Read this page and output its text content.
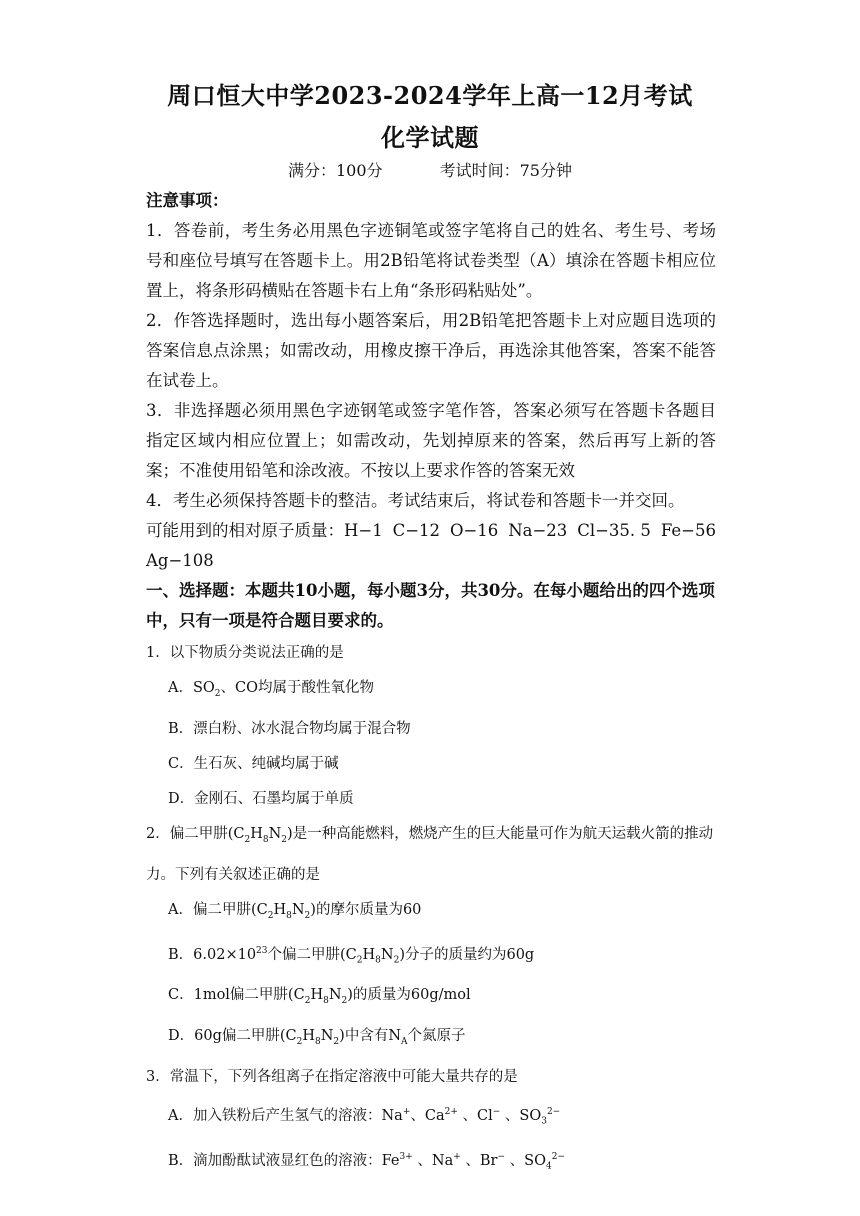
周口恒大中学2023-2024学年上高一12月考试
化学试题
满分：100分	考试时间：75分钟

注意事项：

1．答卷前，考生务必用黑色字迹铜笔或签字笔将自己的姓名、考生号、考场号和座位号填写在答题卡上。用2B铅笔将试卷类型（A）填涂在答题卡相应位置上，将条形码横贴在答题卡右上角“条形码粘贴处”。

2．作答选择题时，选出每小题答案后，用2B铅笔把答题卡上对应题目选项的答案信息点涂黑；如需改动，用橡皮擦干净后，再选涂其他答案，答案不能答在试卷上。

3．非选择题必须用黑色字迹钢笔或签字笔作答，答案必须写在答题卡各题目指定区域内相应位置上；如需改动，先划掉原来的答案，然后再写上新的答案；不准使用铅笔和涂改液。不按以上要求作答的答案无效

4．考生必须保持答题卡的整洁。考试结束后，将试卷和答题卡一并交回。

可能用到的相对原子质量：H−1 C−12 O−16 Na−23 Cl−35. 5 Fe−56

Ag−108

一、选择题：本题共10小题，每小题3分，共30分。在每小题给出的四个选项中，只有一项是符合题目要求的。

1．以下物质分类说法正确的是

A．$SO_2$、CO均属于酸性氧化物

B．漂白粉、冰水混合物均属于混合物

C．生石灰、纯碱均属于碱

D．金刚石、石墨均属于单质

2．偏二甲肼$(C_2H_8N_2)$是一种高能燃料，燃烧产生的巨大能量可作为航天运载火箭的推动力。下列有关叙述正确的是

A．偏二甲肼$(C_2H_8N_2)$的摩尔质量为60

B．$6.02\times 10^{23}$个偏二甲肼$(C_2H_8N_2)$分子的质量约为60g

C．1mol偏二甲肼$(C_2H_8N_2)$的质量为60g/mol

D．60g偏二甲肼$(C_2H_8N_2)$中含有$N_A$个氮原子

3．常温下，下列各组离子在指定溶液中可能大量共存的是

A．加入铁粉后产生氢气的溶液：Na+、$Ca^{2+}$ 、Cl− 、$SO_3^{2-}$

B．滴加酚酞试液显红色的溶液：$Fe^{3+}$ 、Na+ 、Br− 、$SO_4^{2-}$
